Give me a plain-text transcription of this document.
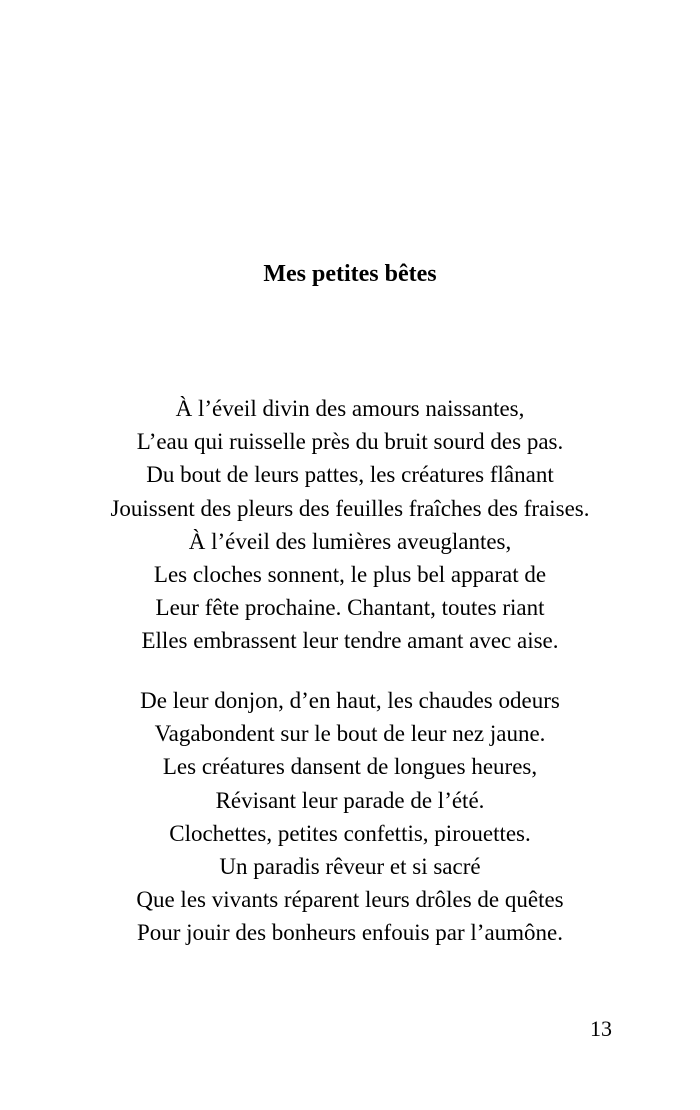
Mes petites bêtes
À l’éveil divin des amours naissantes,
L’eau qui ruisselle près du bruit sourd des pas.
Du bout de leurs pattes, les créatures flânant
Jouissent des pleurs des feuilles fraîches des fraises.
À l’éveil des lumières aveuglantes,
Les cloches sonnent, le plus bel apparat de
Leur fête prochaine. Chantant, toutes riant
Elles embrassent leur tendre amant avec aise.
De leur donjon, d’en haut, les chaudes odeurs
Vagabondent sur le bout de leur nez jaune.
Les créatures dansent de longues heures,
Révisant leur parade de l’été.
Clochettes, petites confettis, pirouettes.
Un paradis rêveur et si sacré
Que les vivants réparent leurs drôles de quêtes
Pour jouir des bonheurs enfouis par l’aumône.
13
